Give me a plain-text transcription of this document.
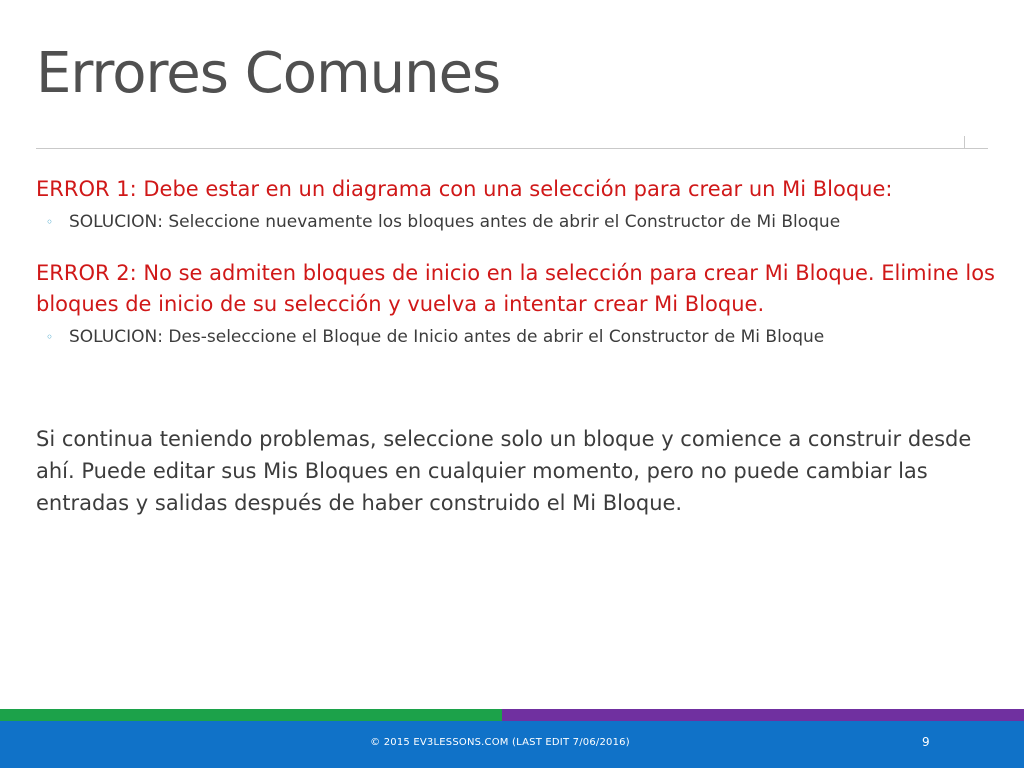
Errores Comunes

ERROR 1: Debe estar en un diagrama con una selección para crear un Mi Bloque:

◦ SOLUCION: Seleccione nuevamente los bloques antes de abrir el Constructor de Mi Bloque

ERROR 2: No se admiten bloques de inicio en la selección para crear Mi Bloque. Elimine los bloques de inicio de su selección y vuelva a intentar crear Mi Bloque.

◦ SOLUCION: Des-seleccione el Bloque de Inicio antes de abrir el Constructor de Mi Bloque

Si continua teniendo problemas, seleccione solo un bloque y comience a construir desde ahí. Puede editar sus Mis Bloques en cualquier momento, pero no puede cambiar las entradas y salidas después de haber construido el Mi Bloque.

© 2015 EV3LESSONS.COM (LAST EDIT 7/06/2016)	9
